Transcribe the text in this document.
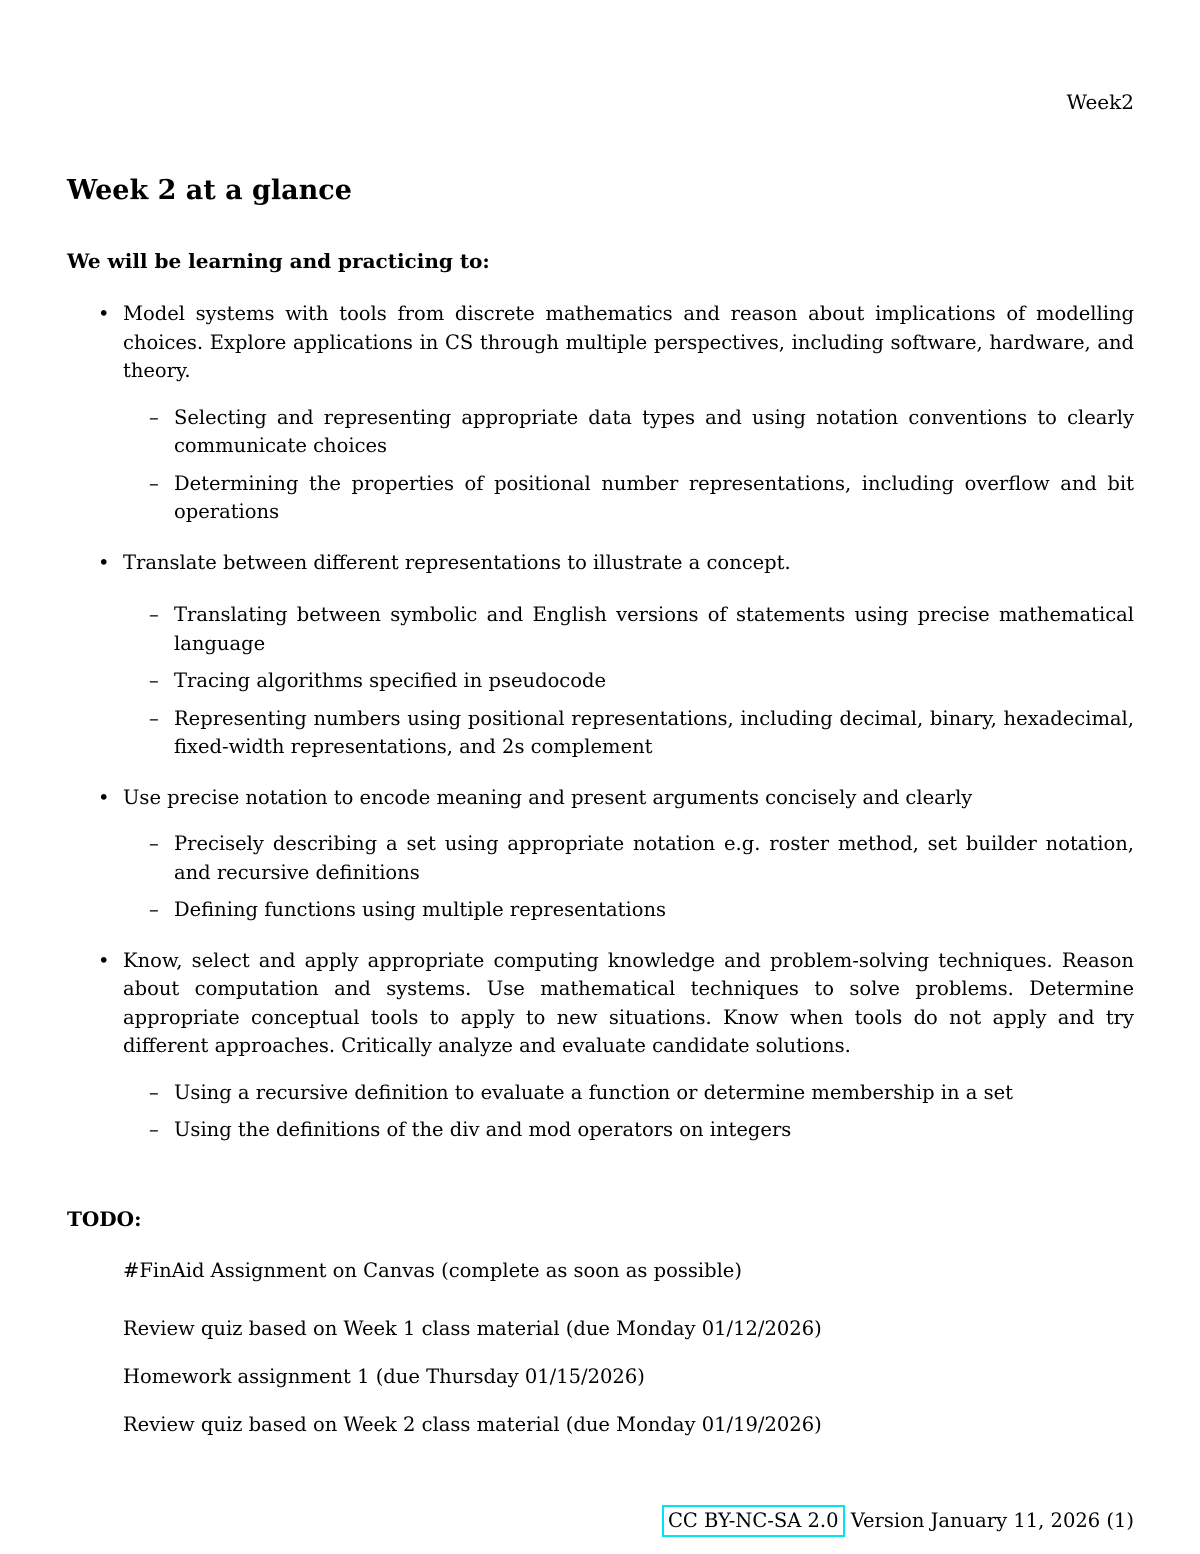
Week2
Week 2 at a glance
We will be learning and practicing to:
• Model systems with tools from discrete mathematics and reason about implications of modelling choices. Explore applications in CS through multiple perspectives, including software, hardware, and theory.
– Selecting and representing appropriate data types and using notation conventions to clearly communicate choices
– Determining the properties of positional number representations, including overflow and bit operations
• Translate between different representations to illustrate a concept.
– Translating between symbolic and English versions of statements using precise mathematical language
– Tracing algorithms specified in pseudocode
– Representing numbers using positional representations, including decimal, binary, hexadecimal, fixed-width representations, and 2s complement
• Use precise notation to encode meaning and present arguments concisely and clearly
– Precisely describing a set using appropriate notation e.g. roster method, set builder notation, and recursive definitions
– Defining functions using multiple representations
• Know, select and apply appropriate computing knowledge and problem-solving techniques. Reason about computation and systems. Use mathematical techniques to solve problems. Determine appropriate conceptual tools to apply to new situations. Know when tools do not apply and try different approaches. Critically analyze and evaluate candidate solutions.
– Using a recursive definition to evaluate a function or determine membership in a set
– Using the definitions of the div and mod operators on integers
TODO:
#FinAid Assignment on Canvas (complete as soon as possible)
Review quiz based on Week 1 class material (due Monday 01/12/2026)
Homework assignment 1 (due Thursday 01/15/2026)
Review quiz based on Week 2 class material (due Monday 01/19/2026)
CC BY-NC-SA 2.0 Version January 11, 2026 (1)
